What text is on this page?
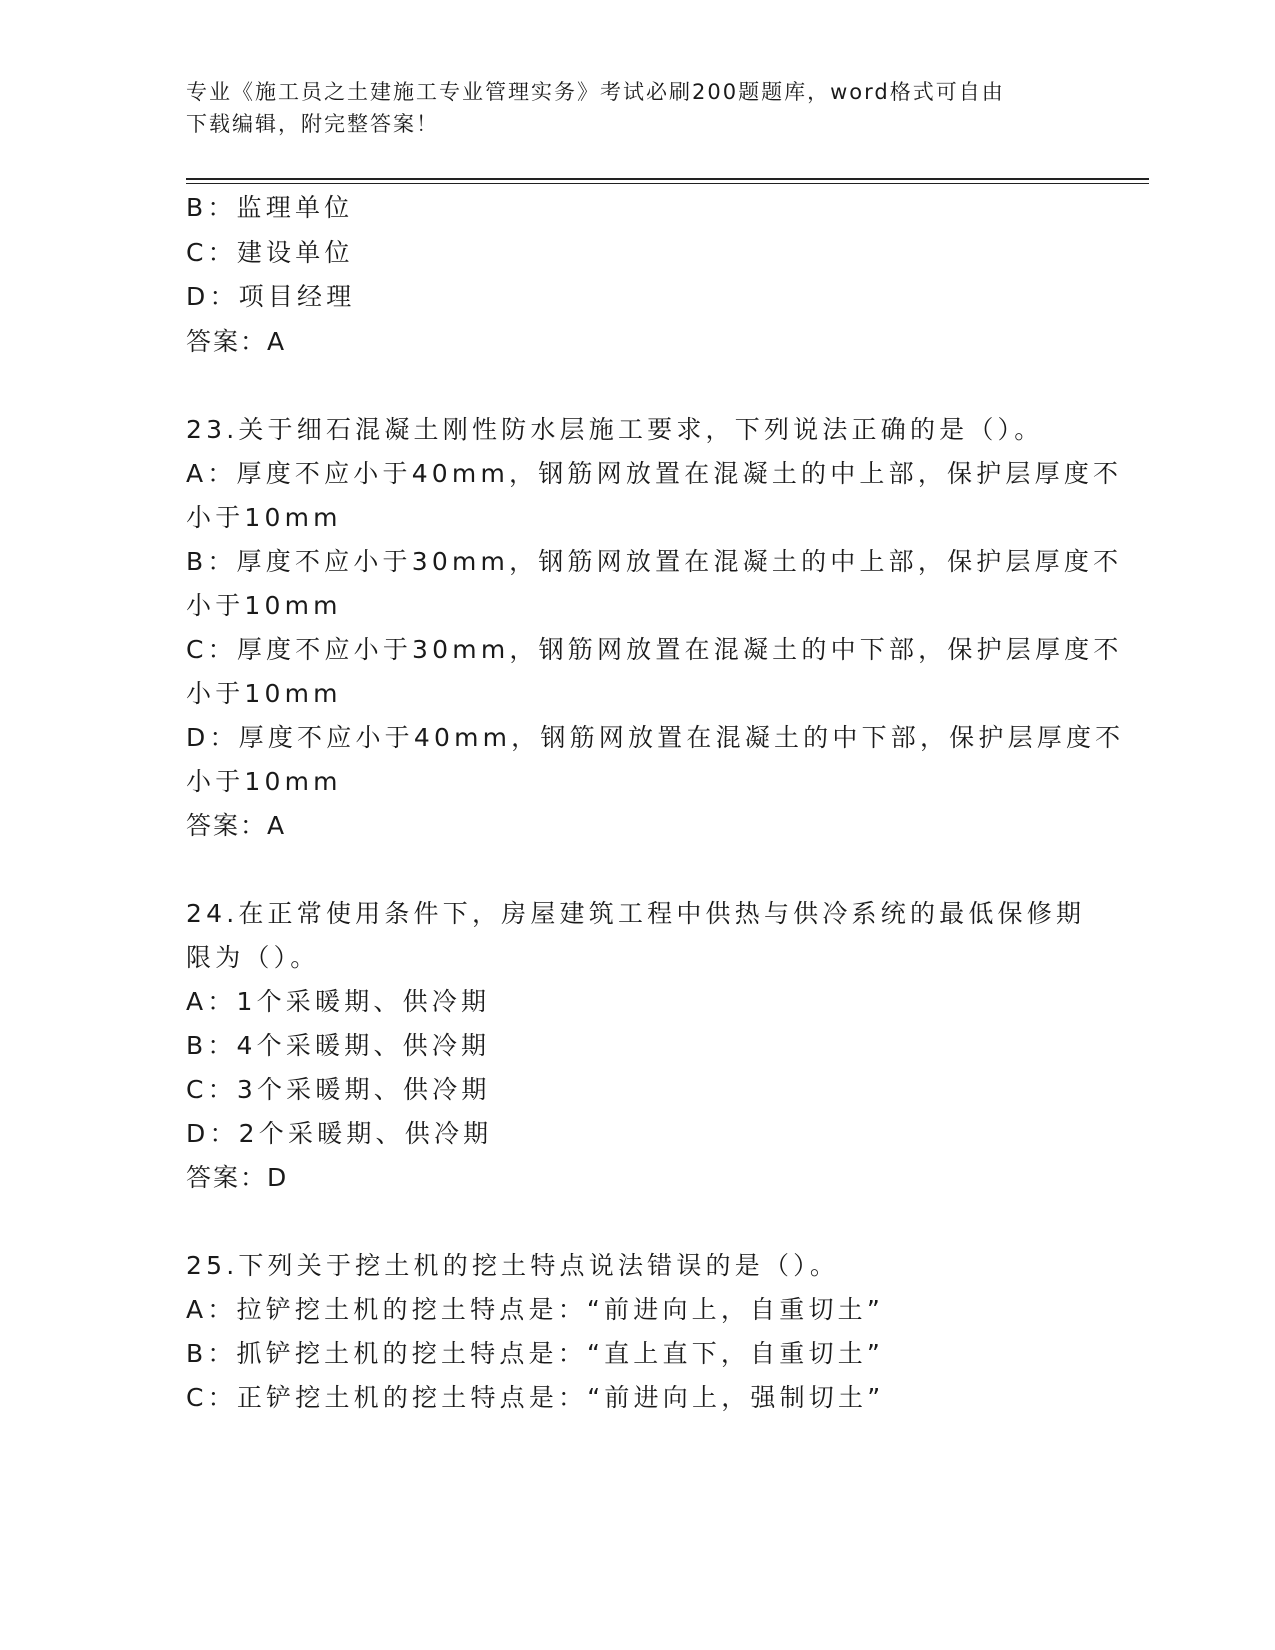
专业《施工员之土建施工专业管理实务》考试必刷200题题库，word格式可自由
下载编辑，附完整答案！
B：监理单位
C：建设单位
D：项目经理
答案：A
23.关于细石混凝土刚性防水层施工要求，下列说法正确的是（）。
A：厚度不应小于40mm，钢筋网放置在混凝土的中上部，保护层厚度不
小于10mm
B：厚度不应小于30mm，钢筋网放置在混凝土的中上部，保护层厚度不
小于10mm
C：厚度不应小于30mm，钢筋网放置在混凝土的中下部，保护层厚度不
小于10mm
D：厚度不应小于40mm，钢筋网放置在混凝土的中下部，保护层厚度不
小于10mm
答案：A
24.在正常使用条件下，房屋建筑工程中供热与供冷系统的最低保修期
限为（）。
A：1个采暖期、供冷期
B：4个采暖期、供冷期
C：3个采暖期、供冷期
D：2个采暖期、供冷期
答案：D
25.下列关于挖土机的挖土特点说法错误的是（）。
A：拉铲挖土机的挖土特点是：“前进向上，自重切土”
B：抓铲挖土机的挖土特点是：“直上直下，自重切土”
C：正铲挖土机的挖土特点是：“前进向上，强制切土”
